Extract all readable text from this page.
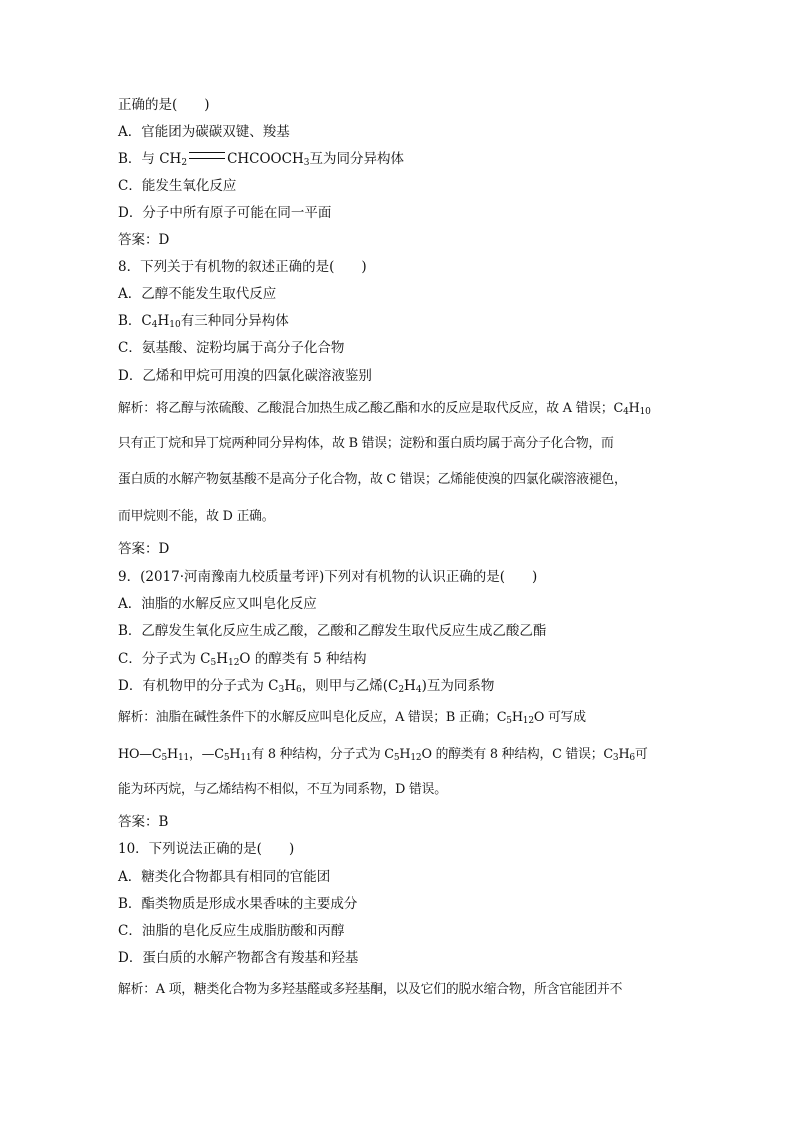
正确的是(　　)
A．官能团为碳碳双键、羧基
B．与 $CH_2$	$CHCOOCH_3$互为同分异构体
C．能发生氧化反应
D．分子中所有原子可能在同一平面
答案：D
8．下列关于有机物的叙述正确的是(　　)
A．乙醇不能发生取代反应
B．$C_4H_{10}$有三种同分异构体
C．氨基酸、淀粉均属于高分子化合物
D．乙烯和甲烷可用溴的四氯化碳溶液鉴别
解析：将乙醇与浓硫酸、乙酸混合加热生成乙酸乙酯和水的反应是取代反应，故 A 错误；$C_4H_{10}$
只有正丁烷和异丁烷两种同分异构体，故 B 错误；淀粉和蛋白质均属于高分子化合物，而
蛋白质的水解产物氨基酸不是高分子化合物，故 C 错误；乙烯能使溴的四氯化碳溶液褪色，
而甲烷则不能，故 D 正确。
答案：D
9．(2017·河南豫南九校质量考评)下列对有机物的认识正确的是(　　)
A．油脂的水解反应又叫皂化反应
B．乙醇发生氧化反应生成乙酸，乙酸和乙醇发生取代反应生成乙酸乙酯
C．分子式为 $C_5H_{12}O$ 的醇类有 5 种结构
D．有机物甲的分子式为 $C_3H_6$，则甲与乙烯$(C_2H_4)$互为同系物
解析：油脂在碱性条件下的水解反应叫皂化反应，A 错误；B 正确；$C_5H_{12}O$ 可写成
$HO—C_5H_{11}$，$—C_5H_{11}$有 8 种结构，分子式为 $C_5H_{12}O$ 的醇类有 8 种结构，C 错误；$C_3H_6$可
能为环丙烷，与乙烯结构不相似，不互为同系物，D 错误。
答案：B
10．下列说法正确的是(　　)
A．糖类化合物都具有相同的官能团
B．酯类物质是形成水果香味的主要成分
C．油脂的皂化反应生成脂肪酸和丙醇
D．蛋白质的水解产物都含有羧基和羟基
解析：A 项，糖类化合物为多羟基醛或多羟基酮，以及它们的脱水缩合物，所含官能团并不
